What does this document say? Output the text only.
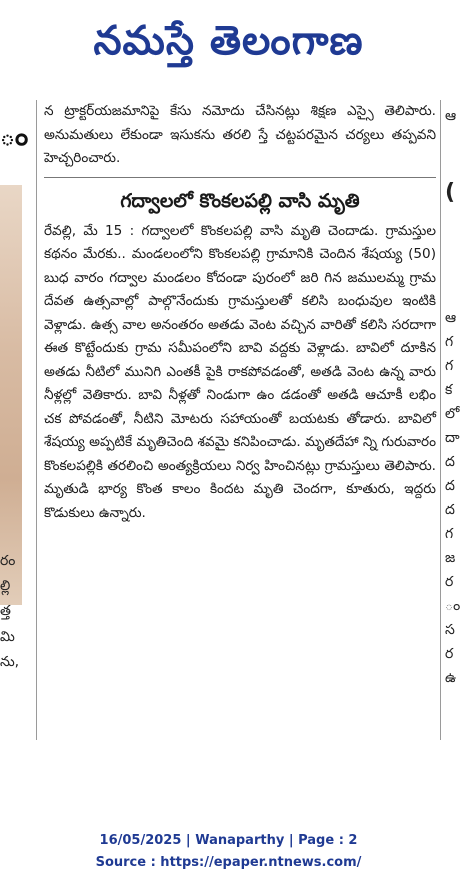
నమస్తే తెలంగాణ
ం
రం
ల్లి
త్త
మి
ను,
ఆ
(
ఆ
గ
గ
క
లో
దా
ద
ద
ద
గ
జ
ర
ం
స
ర
ఉ

న ట్రాక్టర్‌యజమానిపై కేసు నమోదు చేసినట్లు శిక్షణ ఎస్సై తెలిపారు. అనుమతులు లేకుండా ఇసుకను తరలి స్తే చట్టపరమైన చర్యలు తప్పవని హెచ్చరించారు.

గద్వాలలో కొంకలపల్లి వాసి మృతి

రేవల్లి, మే 15 : గద్వాలలో కొంకలపల్లి వాసి మృతి చెందాడు. గ్రామస్తుల కథనం మేరకు.. మండలంలోని కొంకలపల్లి గ్రామానికి చెందిన శేషయ్య (50) బుధ వారం గద్వాల మండలం కోదండా పురంలో జరి గిన జములమ్మ గ్రామ దేవత ఉత్సవాల్లో పాల్గొనేందుకు గ్రామస్తులతో కలిసి బంధువుల ఇంటికి వెళ్లాడు. ఉత్స వాల అనంతరం అతడు వెంట వచ్చిన వారితో కలిసి సరదాగా ఈత కొట్టేందుకు గ్రామ సమీపంలోని బావి వద్దకు వెళ్లాడు. బావిలో దూకిన అతడు నీటిలో మునిగి ఎంతకీ పైకి రాకపోవడంతో, అతడి వెంట ఉన్న వారు నీళ్లల్లో వెతికారు. బావి నీళ్లతో నిండుగా ఉం డడంతో అతడి ఆచూకీ లభిం చక పోవడంతో, నీటిని మోటరు సహాయంతో బయటకు తోడారు. బావిలో శేషయ్య అప్పటికే మృతిచెంది శవమై కనిపించాడు. మృతదేహా న్ని గురువారం కొంకలపల్లికి తరలించి అంత్యక్రియలు నిర్వ హించినట్లు గ్రామస్తులు తెలిపారు. మృతుడి భార్య కొంత కాలం కిందట మృతి చెందగా, కూతురు, ఇద్దరు కొడుకులు ఉన్నారు.

16/05/2025 | Wanaparthy | Page : 2
Source : https://epaper.ntnews.com/
